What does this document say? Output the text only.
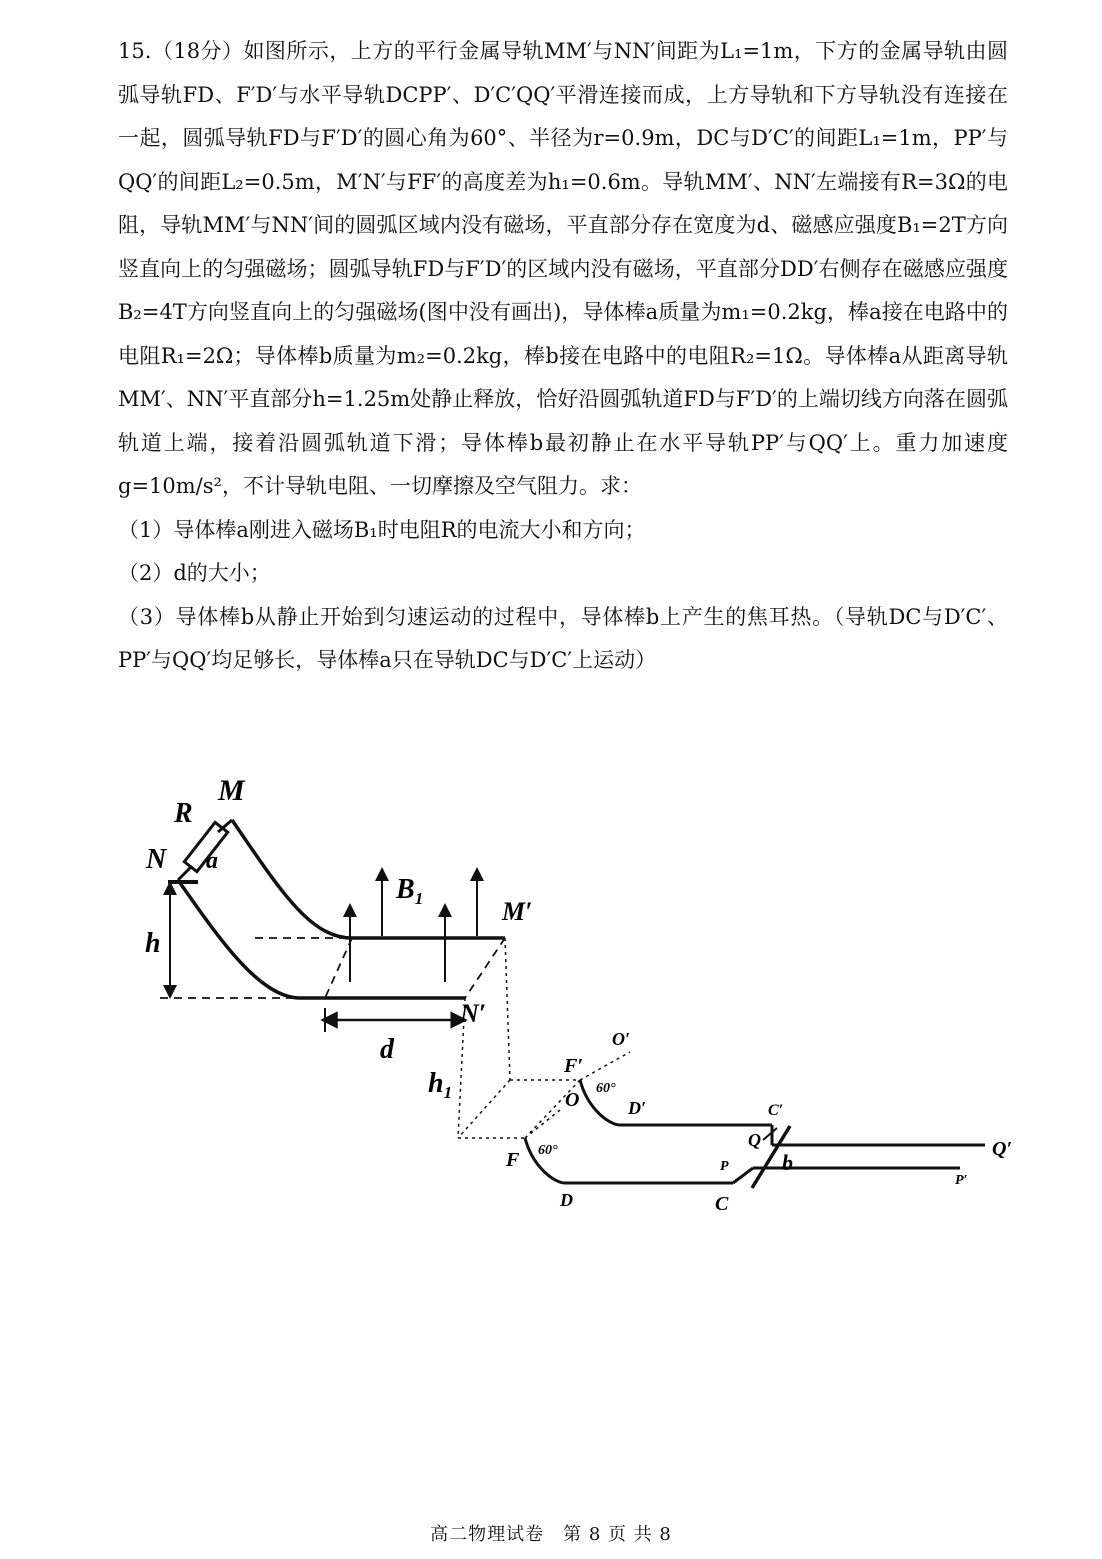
15.（18分）如图所示，上方的平行金属导轨MM′与NN′间距为L₁=1m，下方的金属导轨由圆弧导轨FD、F′D′与水平导轨DCPP′、D′C′QQ′平滑连接而成，上方导轨和下方导轨没有连接在一起，圆弧导轨FD与F′D′的圆心角为60°、半径为r=0.9m，DC与D′C′的间距L₁=1m，PP′与QQ′的间距L₂=0.5m，M′N′与FF′的高度差为h₁=0.6m。导轨MM′、NN′左端接有R=3Ω的电阻，导轨MM′与NN′间的圆弧区域内没有磁场，平直部分存在宽度为d、磁感应强度B₁=2T方向竖直向上的匀强磁场；圆弧导轨FD与F′D′的区域内没有磁场，平直部分DD′右侧存在磁感应强度B₂=4T方向竖直向上的匀强磁场(图中没有画出)，导体棒a质量为m₁=0.2kg，棒a接在电路中的电阻R₁=2Ω；导体棒b质量为m₂=0.2kg，棒b接在电路中的电阻R₂=1Ω。导体棒a从距离导轨MM′、NN′平直部分h=1.25m处静止释放，恰好沿圆弧轨道FD与F′D′的上端切线方向落在圆弧轨道上端，接着沿圆弧轨道下滑；导体棒b最初静止在水平导轨PP′与QQ′上。重力加速度g=10m/s²，不计导轨电阻、一切摩擦及空气阻力。求：

（1）导体棒a刚进入磁场B₁时电阻R的电流大小和方向；

（2）d的大小；

（3）导体棒b从静止开始到匀速运动的过程中，导体棒b上产生的焦耳热。（导轨DC与D′C′、PP′与QQ′均足够长，导体棒a只在导轨DC与D′C′上运动）

M
R
N a
h
$B_1$	M′
N′
d
$h_1$
O′
F′
O
60°
D′
F 60°
D
C′
Q
b
Q′
P
C
P′
高二物理试卷　第 8 页 共 8
